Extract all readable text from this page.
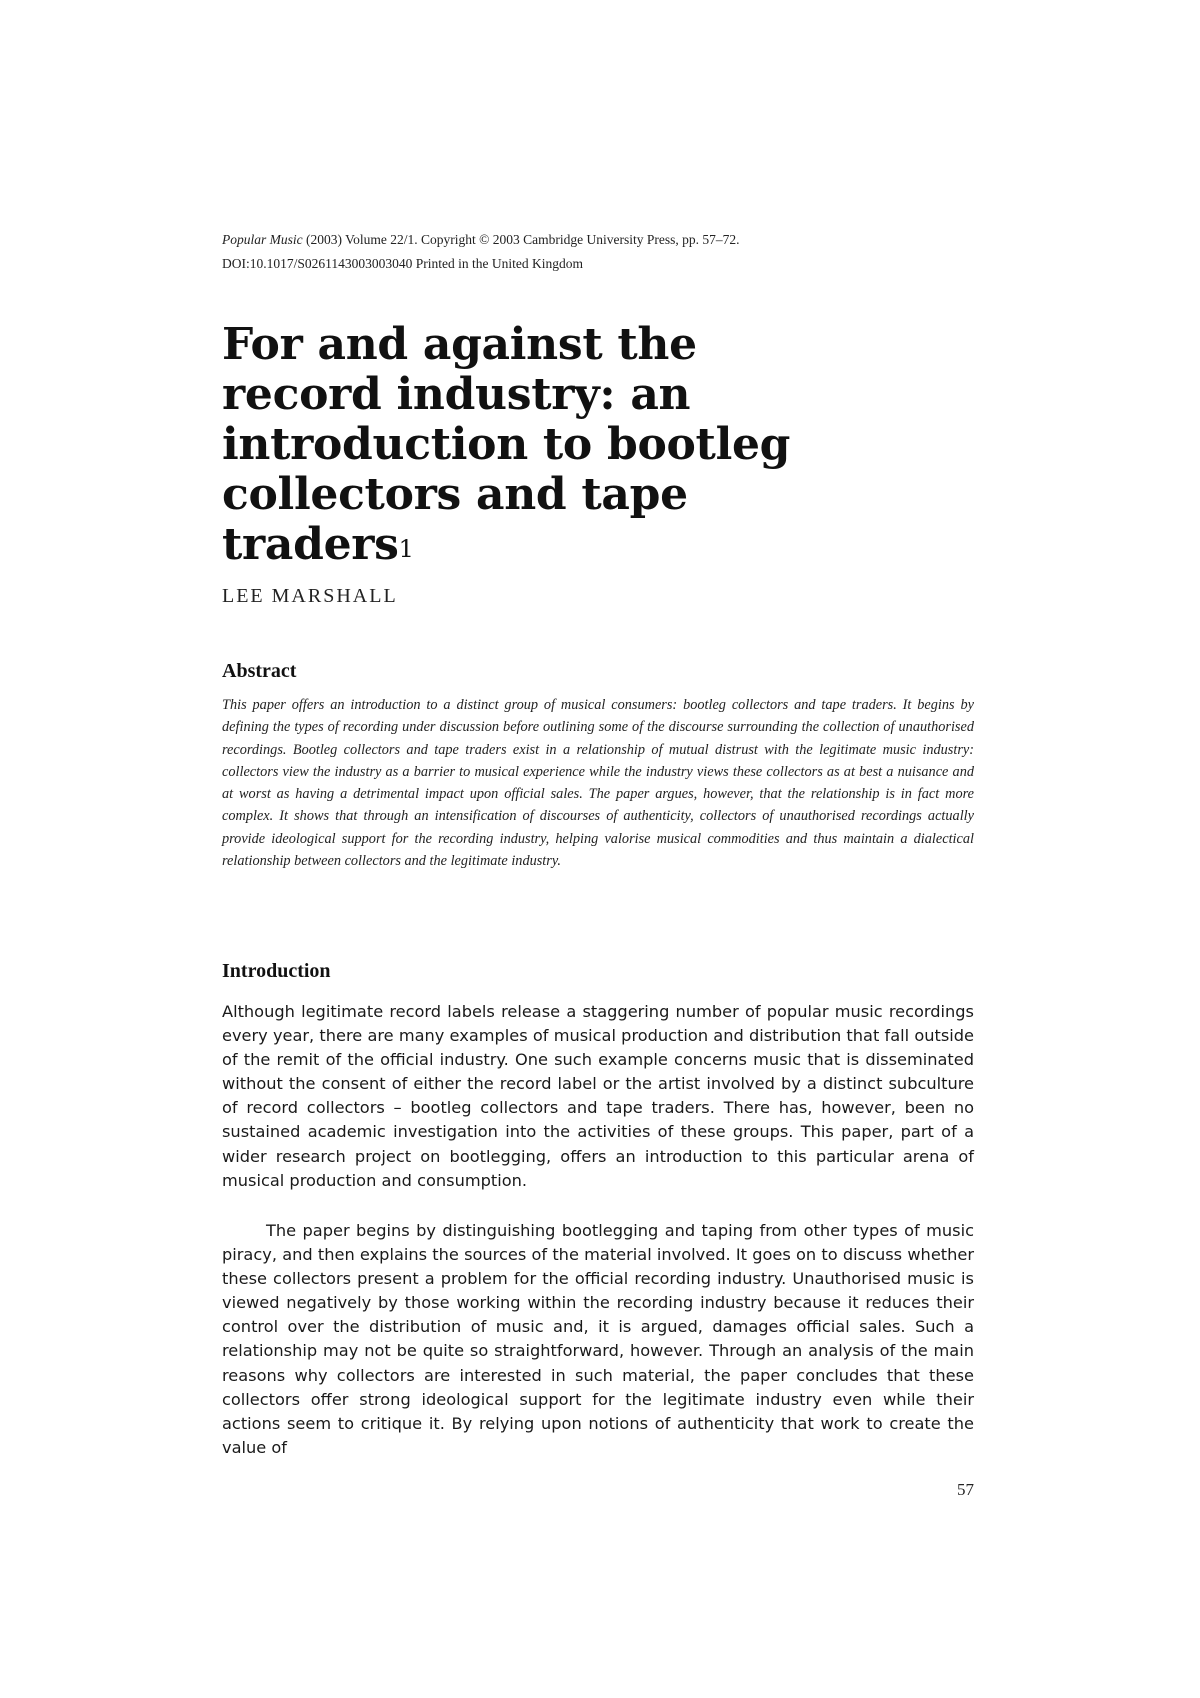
Popular Music (2003) Volume 22/1. Copyright © 2003 Cambridge University Press, pp. 57–72.
DOI:10.1017/S0261143003003040 Printed in the United Kingdom
For and against the record industry: an introduction to bootleg collectors and tape traders$^1$
LEE MARSHALL
Abstract

This paper offers an introduction to a distinct group of musical consumers: bootleg collectors and tape traders. It begins by defining the types of recording under discussion before outlining some of the discourse surrounding the collection of unauthorised recordings. Bootleg collectors and tape traders exist in a relationship of mutual distrust with the legitimate music industry: collectors view the industry as a barrier to musical experience while the industry views these collectors as at best a nuisance and at worst as having a detrimental impact upon official sales. The paper argues, however, that the relationship is in fact more complex. It shows that through an intensification of discourses of authenticity, collectors of unauthorised recordings actually provide ideological support for the recording industry, helping valorise musical commodities and thus maintain a dialectical relationship between collectors and the legitimate industry.

Introduction

Although legitimate record labels release a staggering number of popular music recordings every year, there are many examples of musical production and distribution that fall outside of the remit of the official industry. One such example concerns music that is disseminated without the consent of either the record label or the artist involved by a distinct subculture of record collectors – bootleg collectors and tape traders. There has, however, been no sustained academic investigation into the activities of these groups. This paper, part of a wider research project on bootlegging, offers an introduction to this particular arena of musical production and consumption.

The paper begins by distinguishing bootlegging and taping from other types of music piracy, and then explains the sources of the material involved. It goes on to discuss whether these collectors present a problem for the official recording industry. Unauthorised music is viewed negatively by those working within the recording industry because it reduces their control over the distribution of music and, it is argued, damages official sales. Such a relationship may not be quite so straightforward, however. Through an analysis of the main reasons why collectors are interested in such material, the paper concludes that these collectors offer strong ideological support for the legitimate industry even while their actions seem to critique it. By relying upon notions of authenticity that work to create the value of

57
